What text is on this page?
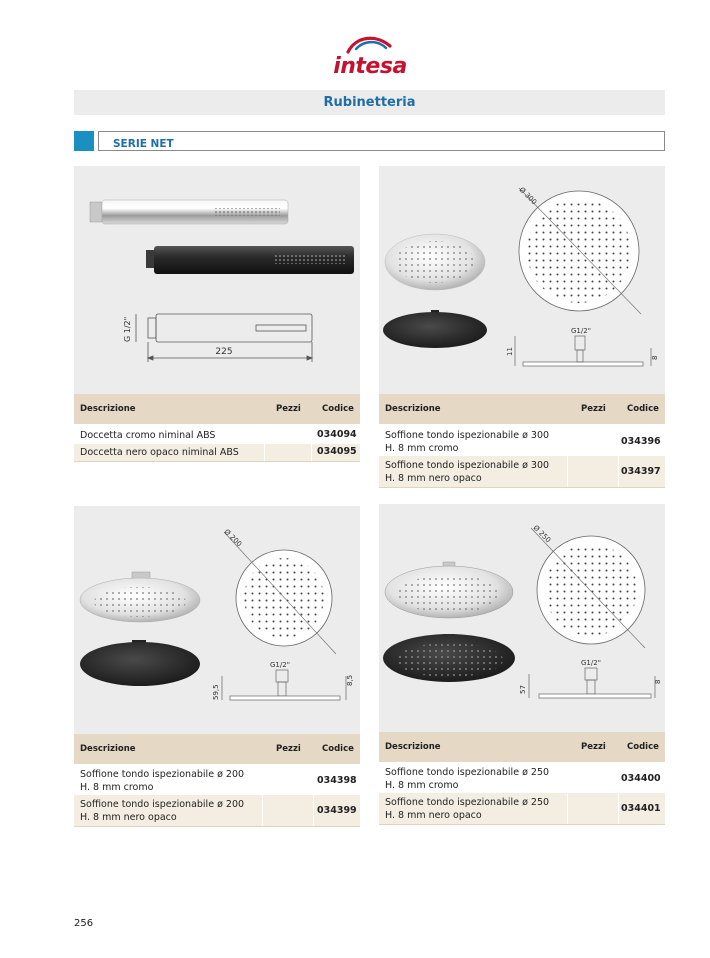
intesa
Rubinetteria
SERIE NET
225
G 1/2"
Descrizione	Pezzi Codice
Doccetta cromo niminal ABS	034094
Doccetta nero opaco niminal ABS	034095
Ø 300
G1/2"
11
8
Descrizione	Pezzi Codice
Soffione tondo ispezionabile ø 300
H. 8 mm cromo
034396
Soffione tondo ispezionabile ø 300
H. 8 mm nero opaco
034397
Ø 200
G1/2"
59,5
8,5
Descrizione	Pezzi Codice
Soffione tondo ispezionabile ø 200
H. 8 mm cromo
034398
Soffione tondo ispezionabile ø 200
H. 8 mm nero opaco
034399
Ø 250
G1/2"
57
8
Descrizione	Pezzi Codice
Soffione tondo ispezionabile ø 250
H. 8 mm cromo
034400
Soffione tondo ispezionabile ø 250
H. 8 mm nero opaco
034401
256
